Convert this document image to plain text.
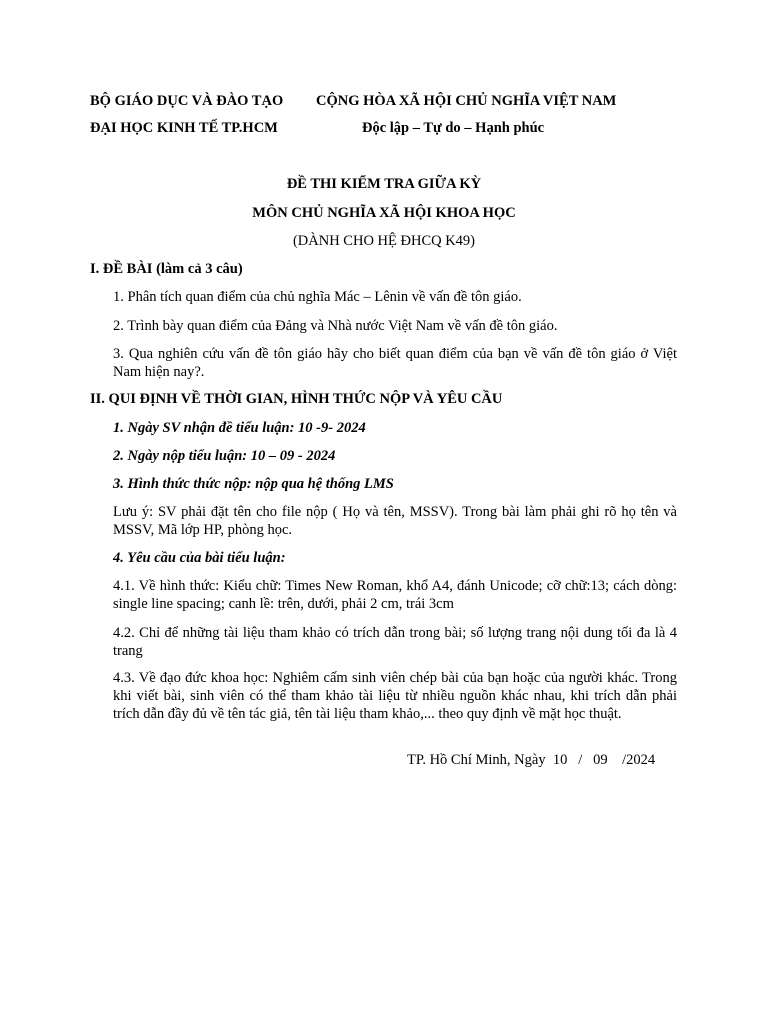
BỘ GIÁO DỤC VÀ ĐÀO TẠO CỘNG HÒA XÃ HỘI CHỦ NGHĨA VIỆT NAM
ĐẠI HỌC KINH TẾ TP.HCM	Độc lập – Tự do – Hạnh phúc
ĐỀ THI KIỂM TRA GIỮA KỲ
MÔN CHỦ NGHĨA XÃ HỘI KHOA HỌC
(DÀNH CHO HỆ ĐHCQ K49)
I. ĐỀ BÀI (làm cả 3 câu)
1. Phân tích quan điểm của chủ nghĩa Mác – Lênin về vấn đề tôn giáo.
2. Trình bày quan điểm của Đảng và Nhà nước Việt Nam về vấn đề tôn giáo.
3. Qua nghiên cứu vấn đề tôn giáo hãy cho biết quan điểm của bạn về vấn đề tôn giáo ở Việt Nam hiện nay?.
II. QUI ĐỊNH VỀ THỜI GIAN, HÌNH THỨC NỘP VÀ YÊU CẦU
1. Ngày SV nhận đề tiểu luận: 10 -9- 2024
2. Ngày nộp tiểu luận: 10 – 09 - 2024
3. Hình thức thức nộp: nộp qua hệ thống LMS
Lưu ý: SV phải đặt tên cho file nộp ( Họ và tên, MSSV). Trong bài làm phải ghi rõ họ tên và MSSV, Mã lớp HP, phòng học.
4. Yêu cầu của bài tiểu luận:
4.1. Về hình thức: Kiểu chữ: Times New Roman, khổ A4, đánh Unicode; cỡ chữ:13; cách dòng: single line spacing; canh lề: trên, dưới, phải 2 cm, trái 3cm
4.2. Chỉ để những tài liệu tham khảo có trích dẫn trong bài; số lượng trang nội dung tối đa là 4 trang
4.3. Về đạo đức khoa học: Nghiêm cấm sinh viên chép bài của bạn hoặc của người khác. Trong khi viết bài, sinh viên có thể tham khảo tài liệu từ nhiều nguồn khác nhau, khi trích dẫn phải trích dẫn đầy đủ về tên tác giả, tên tài liệu tham khảo,... theo quy định về mặt học thuật.
TP. Hồ Chí Minh, Ngày  10   /   09    /2024
